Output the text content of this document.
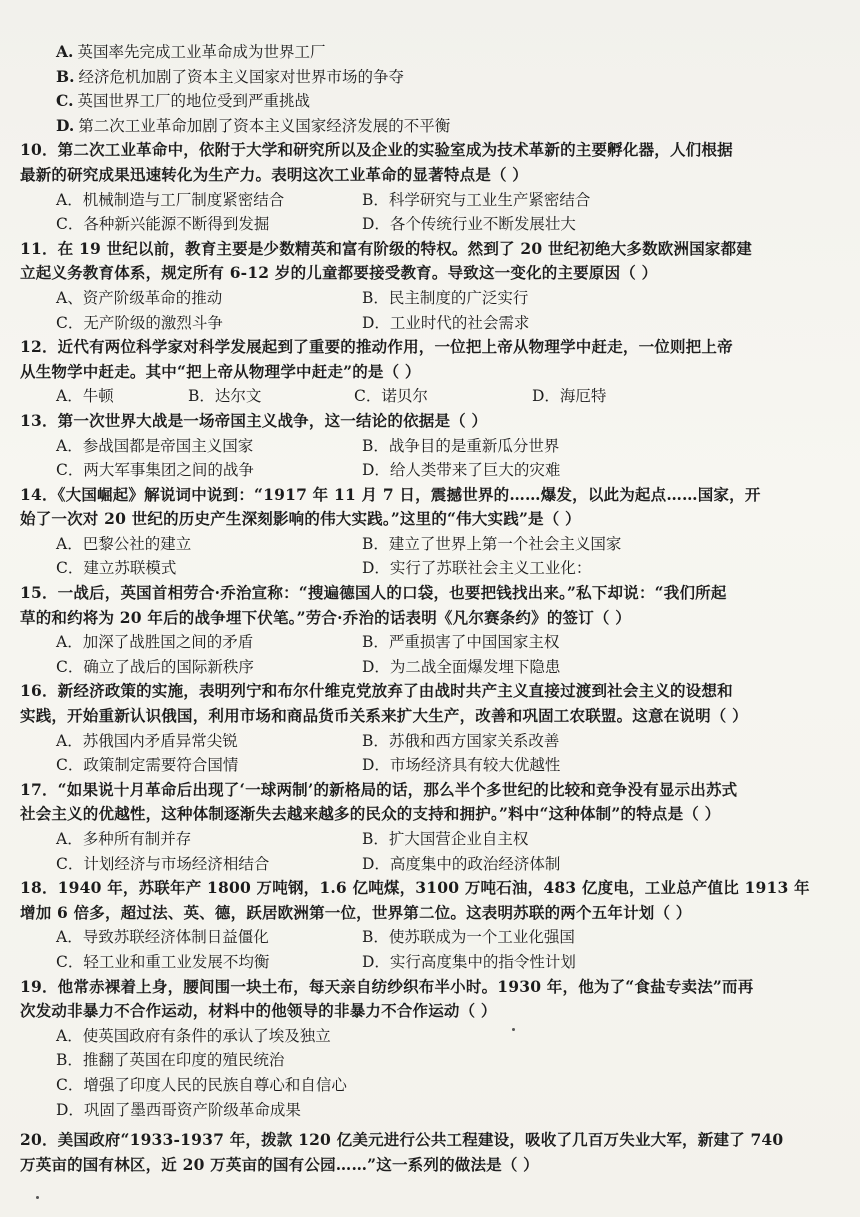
A. 英国率先完成工业革命成为世界工厂
B. 经济危机加剧了资本主义国家对世界市场的争夺
C. 英国世界工厂的地位受到严重挑战
D. 第二次工业革命加剧了资本主义国家经济发展的不平衡
10．第二次工业革命中，依附于大学和研究所以及企业的实验室成为技术革新的主要孵化器，人们根据
最新的研究成果迅速转化为生产力。表明这次工业革命的显著特点是（ ）
A．机械制造与工厂制度紧密结合	B．科学研究与工业生产紧密结合
C．各种新兴能源不断得到发掘	D．各个传统行业不断发展壮大
11．在 19 世纪以前，教育主要是少数精英和富有阶级的特权。然到了 20 世纪初绝大多数欧洲国家都建
立起义务教育体系，规定所有 6-12 岁的儿童都要接受教育。导致这一变化的主要原因（ ）
A、资产阶级革命的推动	B．民主制度的广泛实行
C．无产阶级的激烈斗争	D．工业时代的社会需求
12．近代有两位科学家对科学发展起到了重要的推动作用，一位把上帝从物理学中赶走，一位则把上帝
从生物学中赶走。其中“把上帝从物理学中赶走”的是（ ）
A．牛顿	B．达尔文	C．诺贝尔	D．海厄特
13．第一次世界大战是一场帝国主义战争，这一结论的依据是（ ）
A．参战国都是帝国主义国家	B．战争目的是重新瓜分世界
C．两大军事集团之间的战争	D．给人类带来了巨大的灾难
14．《大国崛起》解说词中说到：“1917 年 11 月 7 日，震撼世界的……爆发，以此为起点……国家，开
始了一次对 20 世纪的历史产生深刻影响的伟大实践。”这里的“伟大实践”是（ ）
A．巴黎公社的建立	B．建立了世界上第一个社会主义国家
C．建立苏联模式	D．实行了苏联社会主义工业化：
15．一战后，英国首相劳合·乔治宣称：“搜遍德国人的口袋，也要把钱找出来。”私下却说：“我们所起
草的和约将为 20 年后的战争埋下伏笔。”劳合·乔治的话表明《凡尔赛条约》的签订（ ）
A．加深了战胜国之间的矛盾	B．严重损害了中国国家主权
C．确立了战后的国际新秩序	D．为二战全面爆发埋下隐患
16．新经济政策的实施，表明列宁和布尔什维克党放弃了由战时共产主义直接过渡到社会主义的设想和
实践，开始重新认识俄国，利用市场和商品货币关系来扩大生产，改善和巩固工农联盟。这意在说明（ ）
A．苏俄国内矛盾异常尖锐	B．苏俄和西方国家关系改善
C．政策制定需要符合国情	D．市场经济具有较大优越性
17．“如果说十月革命后出现了‘一球两制’的新格局的话，那么半个多世纪的比较和竞争没有显示出苏式
社会主义的优越性，这种体制逐渐失去越来越多的民众的支持和拥护。”料中“这种体制”的特点是（ ）
A．多种所有制并存	B．扩大国营企业自主权
C．计划经济与市场经济相结合	D．高度集中的政治经济体制
18．1940 年，苏联年产 1800 万吨钢，1.6 亿吨煤，3100 万吨石油，483 亿度电，工业总产值比 1913 年
增加 6 倍多，超过法、英、德，跃居欧洲第一位，世界第二位。这表明苏联的两个五年计划（ ）
A．导致苏联经济体制日益僵化	B．使苏联成为一个工业化强国
C．轻工业和重工业发展不均衡	D．实行高度集中的指令性计划
19．他常赤裸着上身，腰间围一块土布，每天亲自纺纱织布半小时。1930 年，他为了“食盐专卖法”而再
次发动非暴力不合作运动，材料中的他领导的非暴力不合作运动（ ）
A．使英国政府有条件的承认了埃及独立
B．推翻了英国在印度的殖民统治
C．增强了印度人民的民族自尊心和自信心
D．巩固了墨西哥资产阶级革命成果
20．美国政府“1933-1937 年，拨款 120 亿美元进行公共工程建设，吸收了几百万失业大军，新建了 740
万英亩的国有林区，近 20 万英亩的国有公园……”这一系列的做法是（ ）
